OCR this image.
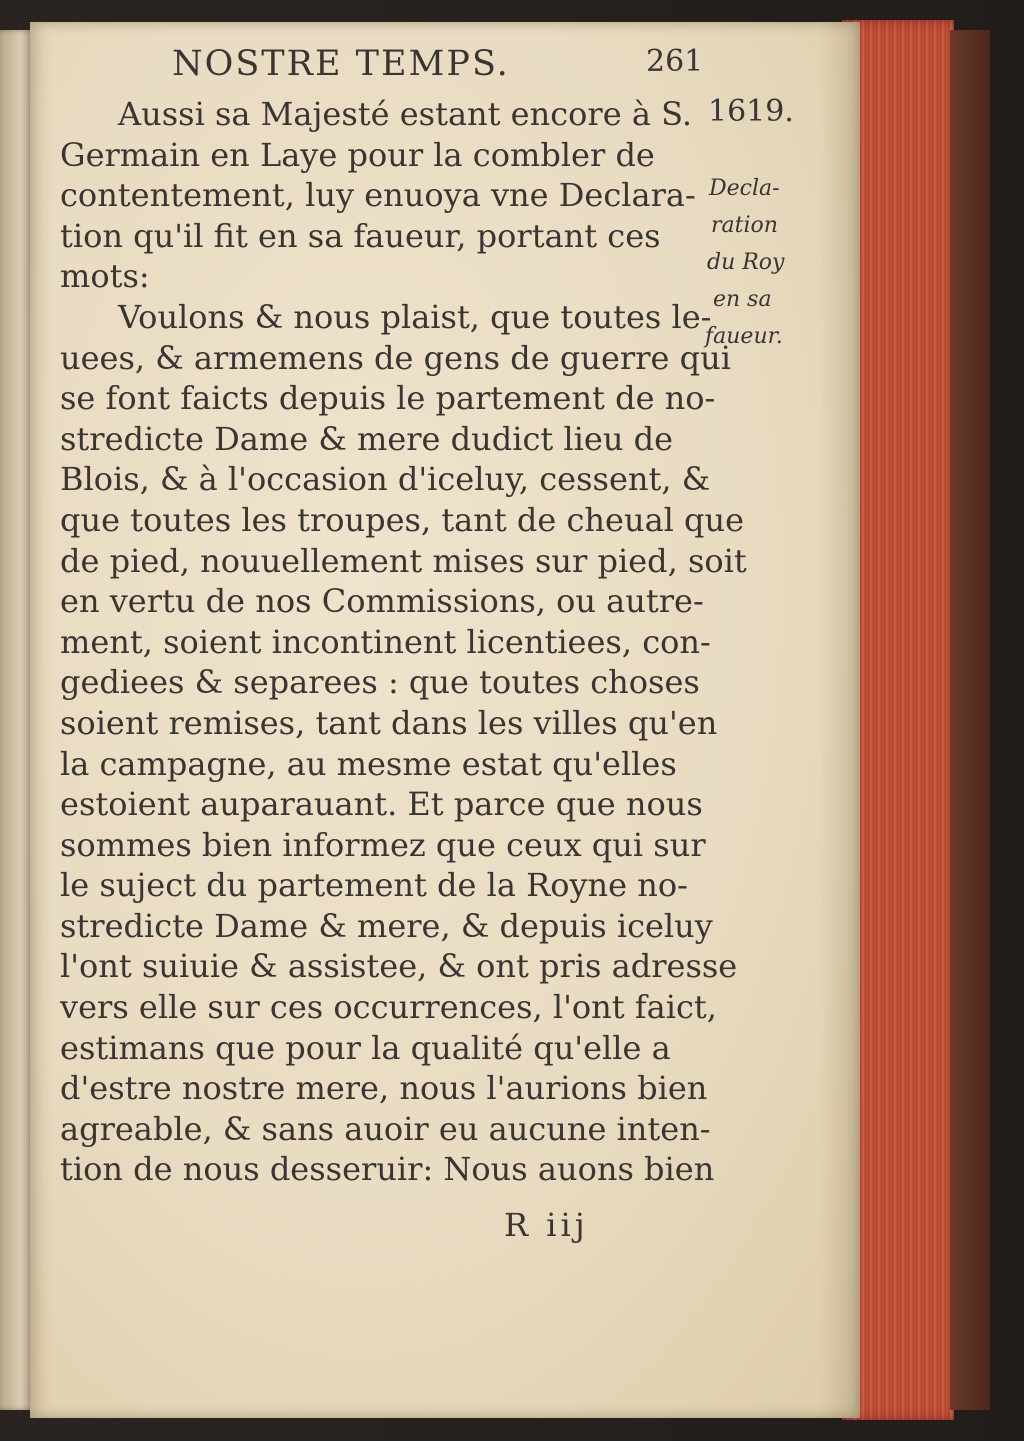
NOSTRE TEMPS.	261
1619.
Decla-
ration
du Roy
en sa
faueur.
Aussi sa Majesté estant encore à S.
Germain en Laye pour la combler de
contentement, luy enuoya vne Declara-
tion qu'il fit en sa faueur, portant ces
mots:
Voulons & nous plaist, que toutes le-
uees, & armemens de gens de guerre qui
se font faicts depuis le partement de no-
stredicte Dame & mere dudict lieu de
Blois, & à l'occasion d'iceluy, cessent, &
que toutes les troupes, tant de cheual que
de pied, nouuellement mises sur pied, soit
en vertu de nos Commissions, ou autre-
ment, soient incontinent licentiees, con-
gediees & separees : que toutes choses
soient remises, tant dans les villes qu'en
la campagne, au mesme estat qu'elles
estoient auparauant. Et parce que nous
sommes bien informez que ceux qui sur
le suject du partement de la Royne no-
stredicte Dame & mere, & depuis iceluy
l'ont suiuie & assistee, & ont pris adresse
vers elle sur ces occurrences, l'ont faict,
estimans que pour la qualité qu'elle a
d'estre nostre mere, nous l'aurions bien
agreable, & sans auoir eu aucune inten-
tion de nous desseruir: Nous auons bien
R iij
